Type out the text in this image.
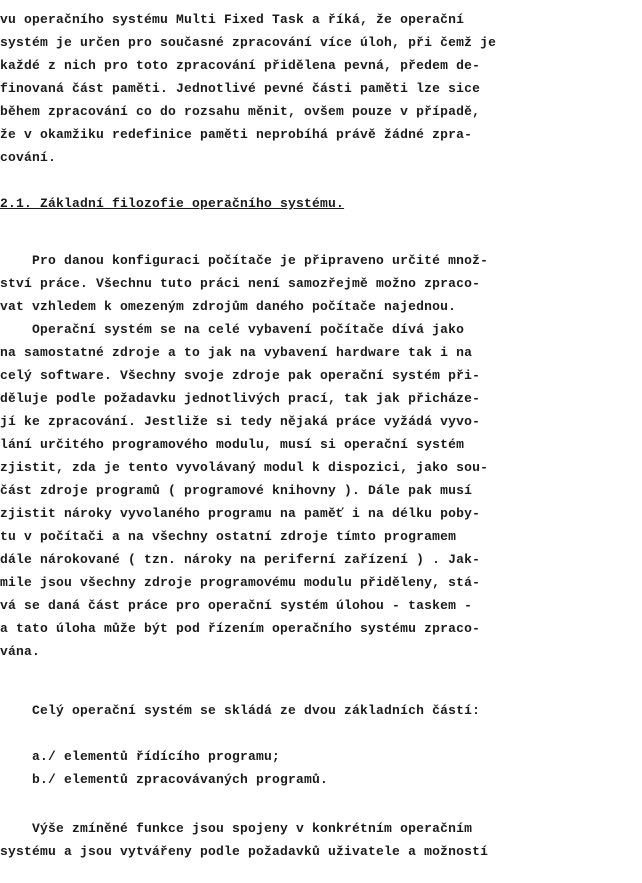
vu operačního systému Multi Fixed Task a říká, že operační
systém je určen pro současné zpracování více úloh, při čemž je
každé z nich pro toto zpracování přidělena pevná, předem de-
finovaná část paměti. Jednotlivé pevné části paměti lze sice
během zpracování co do rozsahu měnit, ovšem pouze v případě,
že v okamžiku redefinice paměti neprobíhá právě žádné zpra-
cování.
2.1. Základní filozofie operačního systému.
Pro danou konfiguraci počítače je připraveno určité množ-
ství práce. Všechnu tuto práci není samozřejmě možno zpraco-
vat vzhledem k omezeným zdrojům daného počítače najednou.
Operační systém se na celé vybavení počítače dívá jako
na samostatné zdroje a to jak na vybavení hardware tak i na
celý software. Všechny svoje zdroje pak operační systém při-
děluje podle požadavku jednotlivých prací, tak jak přicháze-
jí ke zpracování. Jestliže si tedy nějaká práce vyžádá vyvo-
lání určitého programového modulu, musí si operační systém
zjistit, zda je tento vyvolávaný modul k dispozici, jako sou-
část zdroje programů ( programové knihovny ). Dále pak musí
zjistit nároky vyvolaného programu na paměť i na délku poby-
tu v počítači a na všechny ostatní zdroje tímto programem
dále nárokované ( tzn. nároky na periferní zařízení ) . Jak-
mile jsou všechny zdroje programovému modulu přiděleny, stá-
vá se daná část práce pro operační systém úlohou - taskem -
a tato úloha může být pod řízením operačního systému zpraco-
vána.
Celý operační systém se skládá ze dvou základních částí:
a./ elementů řídícího programu;
b./ elementů zpracovávaných programů.
Výše zmíněné funkce jsou spojeny v konkrétním operačním
systému a jsou vytvářeny podle požadavků uživatele a možností
